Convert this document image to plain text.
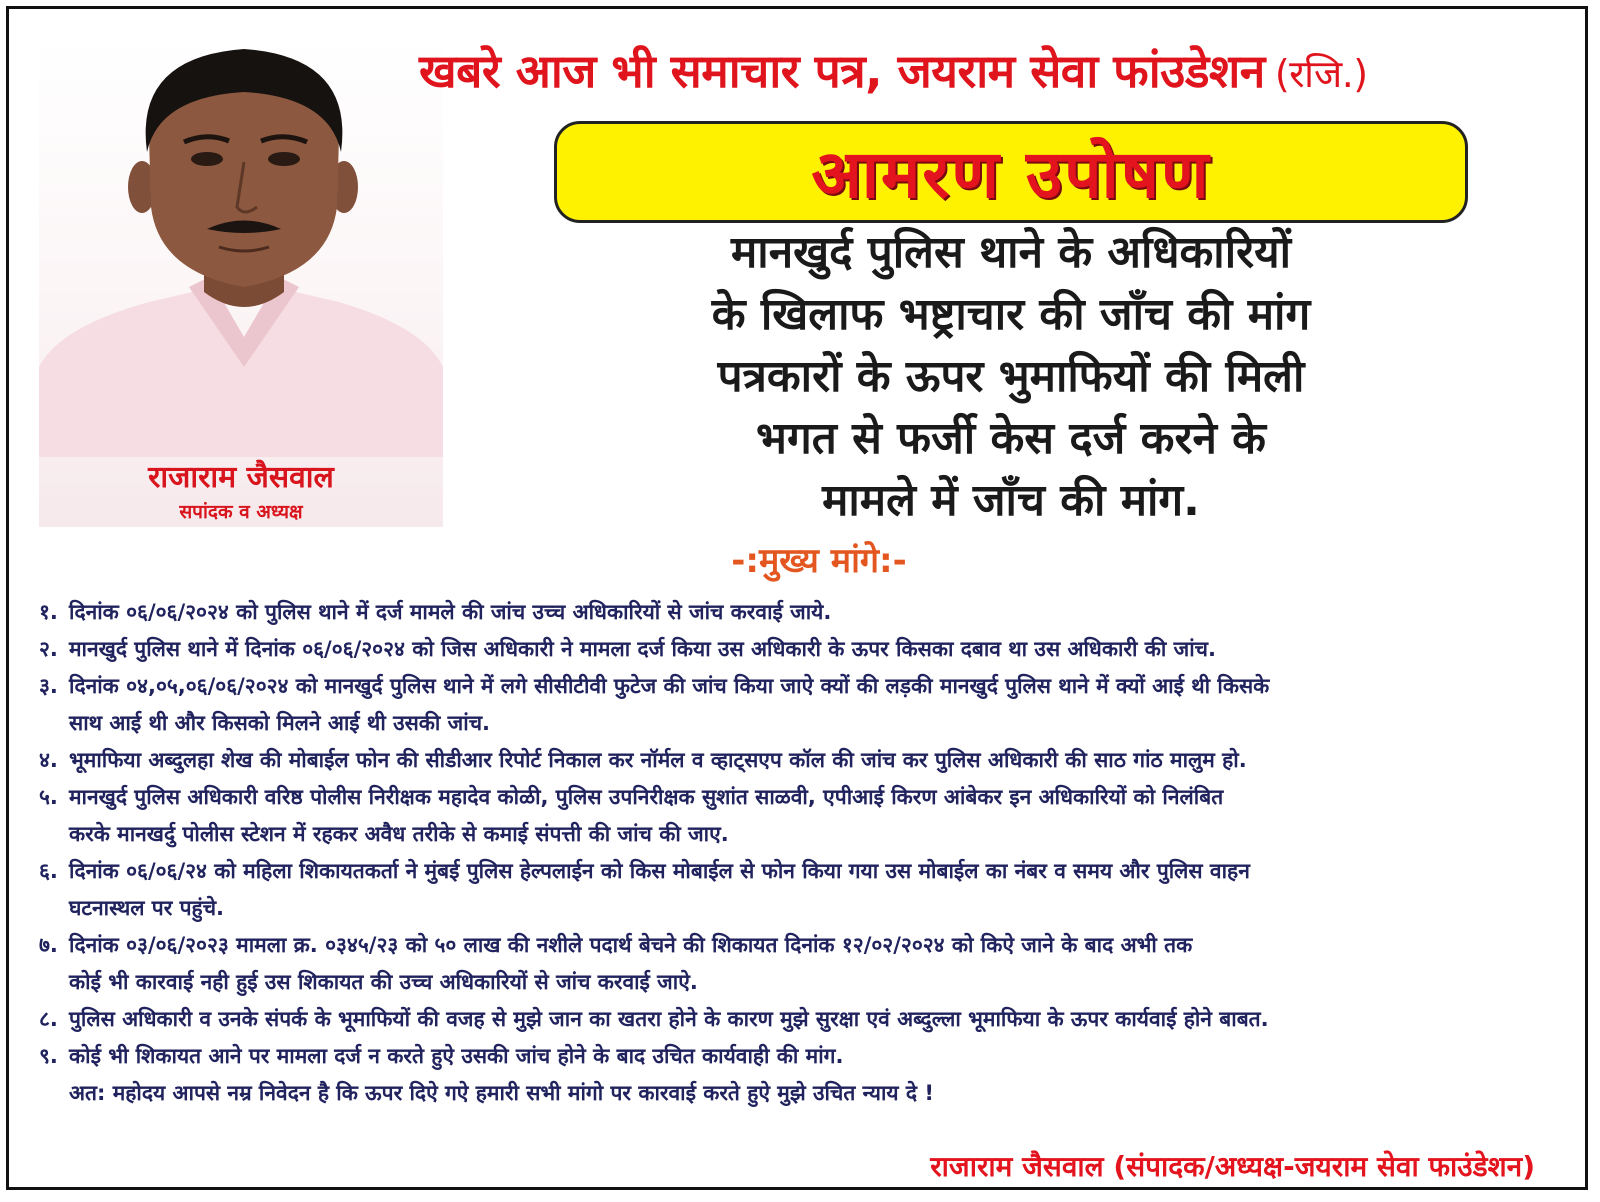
राजाराम जैसवाल
सपांदक व अध्यक्ष
खबरे आज भी समाचार पत्र, जयराम सेवा फांउडेशन (रजि.)
आमरण उपोषण
मानखुर्द पुलिस थाने के अधिकारियों
के खिलाफ भष्ट्राचार की जाँच की मांग
पत्रकारों के ऊपर भुमाफियों की मिली
भगत से फर्जी केस दर्ज करने के
मामले में जाँच की मांग.
-:मुख्य मांगे:-
१. दिनांक ०६/०६/२०२४ को पुलिस थाने में दर्ज मामले की जांच उच्च अधिकारियों से जांच करवाई जाये.
२. मानखुर्द पुलिस थाने में दिनांक ०६/०६/२०२४ को जिस अधिकारी ने मामला दर्ज किया उस अधिकारी के ऊपर किसका दबाव था उस अधिकारी की जांच.
३. दिनांक ०४,०५,०६/०६/२०२४ को मानखुर्द पुलिस थाने में लगे सीसीटीवी फुटेज की जांच किया जाऐ क्यों की लड़की मानखुर्द पुलिस थाने में क्यों आई थी किसके
साथ आई थी और किसको मिलने आई थी उसकी जांच.
४. भूमाफिया अब्दुलहा शेख की मोबाईल फोन की सीडीआर रिपोर्ट निकाल कर नॉर्मल व व्हाट्सएप कॉल की जांच कर पुलिस अधिकारी की साठ गांठ मालुम हो.
५. मानखुर्द पुलिस अधिकारी वरिष्ठ पोलीस निरीक्षक महादेव कोळी, पुलिस उपनिरीक्षक सुशांत साळवी, एपीआई किरण आंबेकर इन अधिकारियों को निलंबित
करके मानखर्दु पोलीस स्टेशन में रहकर अवैध तरीके से कमाई संपत्ती की जांच की जाए.
६. दिनांक ०६/०६/२४ को महिला शिकायतकर्ता ने मुंबई पुलिस हेल्पलाईन को किस मोबाईल से फोन किया गया उस मोबाईल का नंबर व समय और पुलिस वाहन
घटनास्थल पर पहुंचे.
७. दिनांक ०३/०६/२०२३ मामला क्र. ०३४५/२३ को ५० लाख की नशीले पदार्थ बेचने की शिकायत दिनांक १२/०२/२०२४ को किऐ जाने के बाद अभी तक
कोई भी कारवाई नही हुई उस शिकायत की उच्च अधिकारियों से जांच करवाई जाऐ.
८. पुलिस अधिकारी व उनके संपर्क के भूमाफियों की वजह से मुझे जान का खतरा होने के कारण मुझे सुरक्षा एवं अब्दुल्ला भूमाफिया के ऊपर कार्यवाई होने बाबत.
९. कोई भी शिकायत आने पर मामला दर्ज न करते हुऐ उसकी जांच होने के बाद उचित कार्यवाही की मांग.
अत: महोदय आपसे नम्र निवेदन है कि ऊपर दिऐ गऐ हमारी सभी मांगो पर कारवाई करते हुऐ मुझे उचित न्याय दे !
राजाराम जैसवाल (संपादक/अध्यक्ष-जयराम सेवा फाउंडेशन)
